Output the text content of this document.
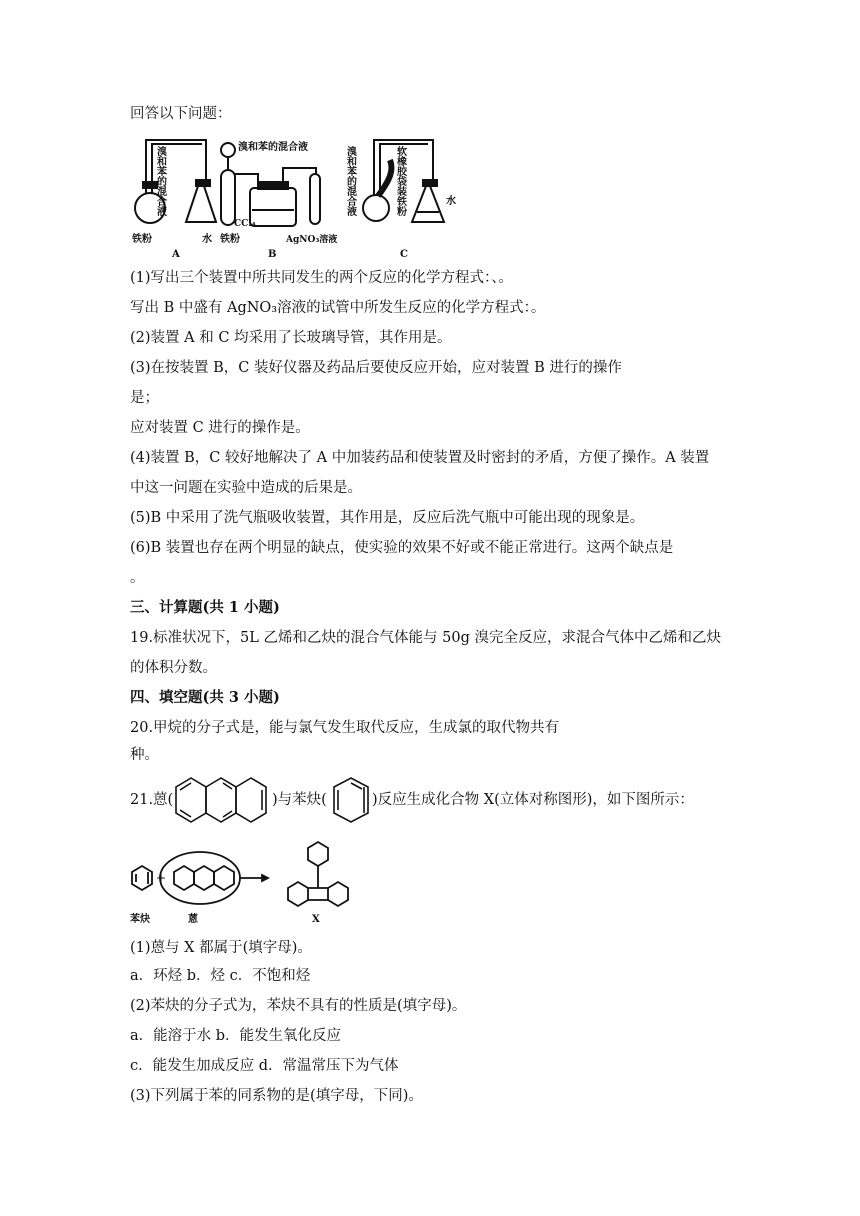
回答以下问题：
溴和苯的混合液
铁粉	水
A
溴和苯的混合液
CCl₄
铁粉	AgNO₃溶液
B
溴和苯的混合液	软橡胶袋装铁粉	水
C
(1)写出三个装置中所共同发生的两个反应的化学方程式：、。
写出 B 中盛有 AgNO₃溶液的试管中所发生反应的化学方程式：。
(2)装置 A 和 C 均采用了长玻璃导管，其作用是。
(3)在按装置 B，C 装好仪器及药品后要使反应开始，应对装置 B 进行的操作
是；
应对装置 C 进行的操作是。
(4)装置 B，C 较好地解决了 A 中加装药品和使装置及时密封的矛盾，方便了操作。A 装置
中这一问题在实验中造成的后果是。
(5)B 中采用了洗气瓶吸收装置，其作用是，反应后洗气瓶中可能出现的现象是。
(6)B 装置也存在两个明显的缺点，使实验的效果不好或不能正常进行。这两个缺点是
。
三、计算题(共 1 小题)
19.标准状况下，5L 乙烯和乙炔的混合气体能与 50g 溴完全反应，求混合气体中乙烯和乙炔
的体积分数。
四、填空题(共 3 小题)
20.甲烷的分子式是，能与氯气发生取代反应，生成氯的取代物共有
种。
21.蒽(	)与苯炔(	)反应生成化合物 X(立体对称图形)，如下图所示：
+
苯炔	蒽	X
(1)蒽与 X 都属于(填字母)。
a．环烃 b．烃 c．不饱和烃
(2)苯炔的分子式为，苯炔不具有的性质是(填字母)。
a．能溶于水 b．能发生氧化反应
c．能发生加成反应 d．常温常压下为气体
(3)下列属于苯的同系物的是(填字母，下同)。
